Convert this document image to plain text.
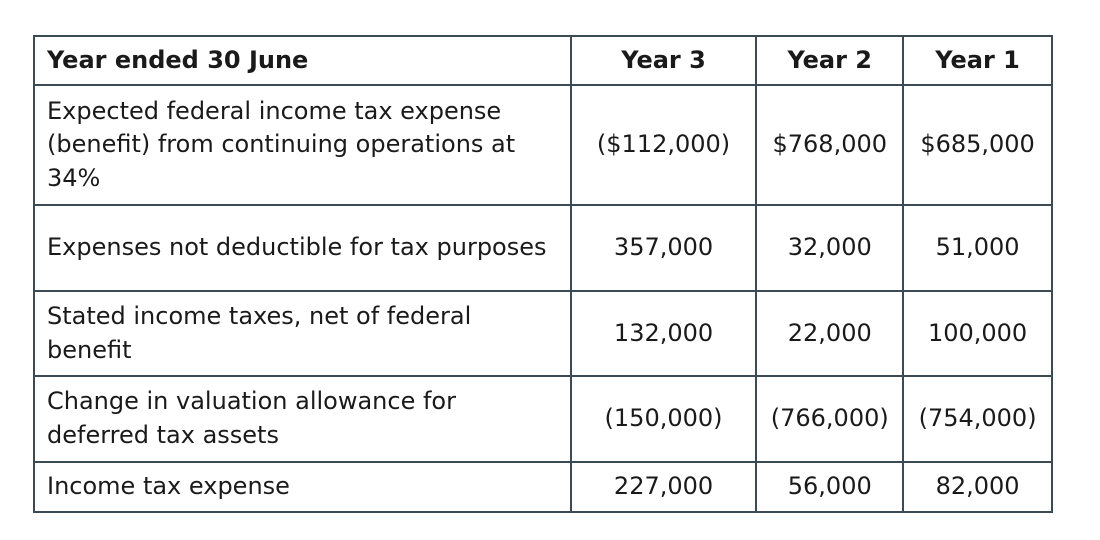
Year ended 30 June	Year 3	Year 2	Year 1
Expected federal income tax expense (benefit) from continuing operations at 34%	($112,000)	$768,000	$685,000
Expenses not deductible for tax purposes	357,000	32,000	51,000
Stated income taxes, net of federal benefit	132,000	22,000	100,000
Change in valuation allowance for deferred tax assets	(150,000)	(766,000)	(754,000)
Income tax expense	227,000	56,000	82,000
